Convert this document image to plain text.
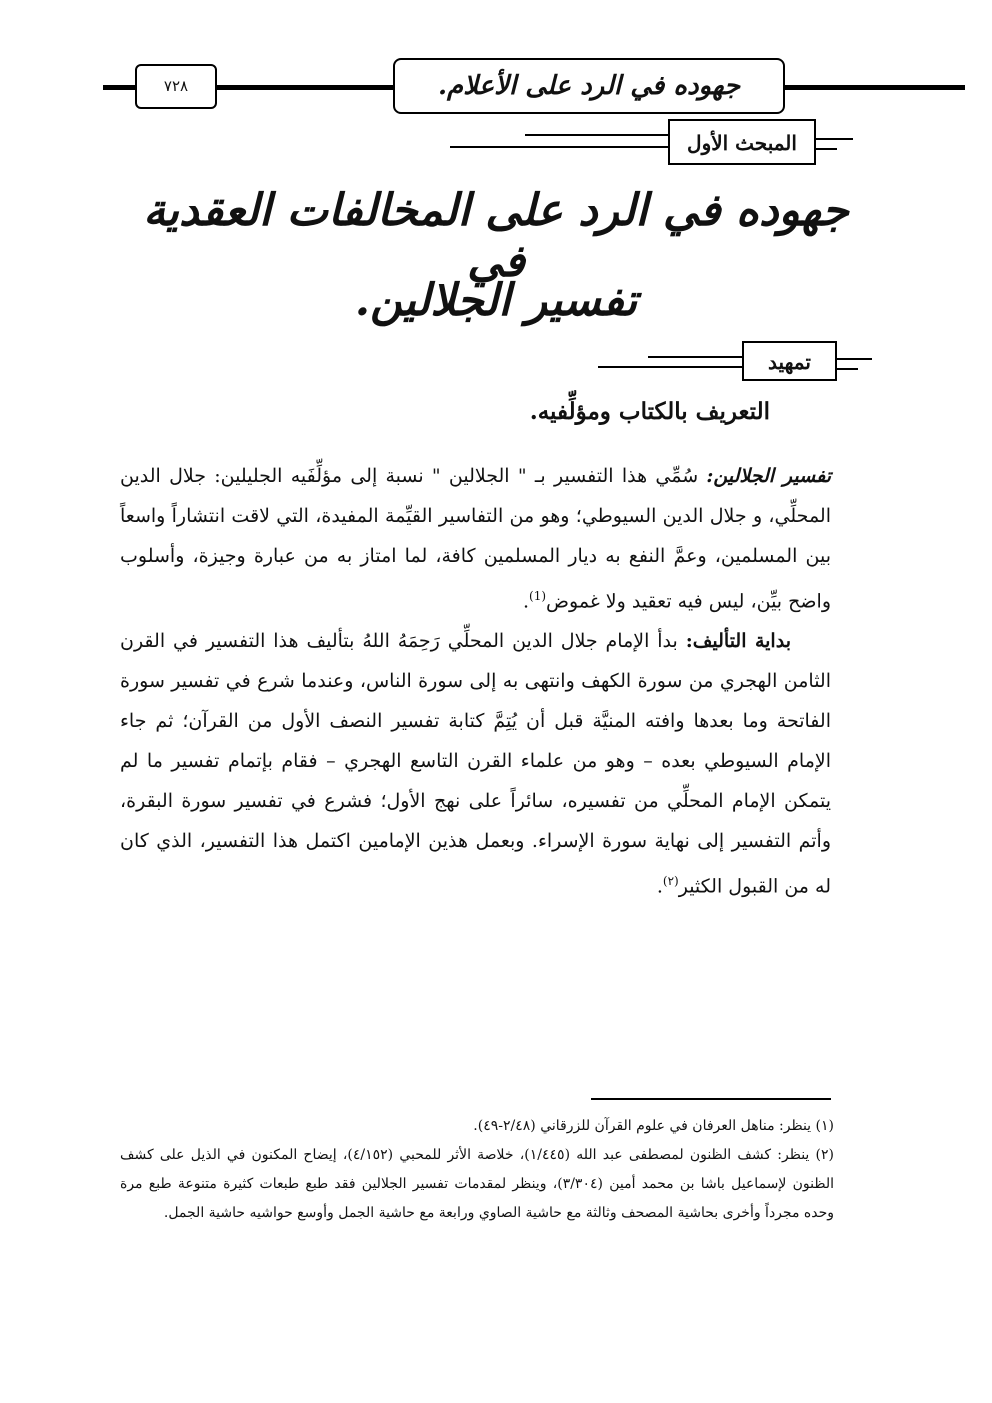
٧٢٨	جهوده في الرد على الأعلام.
المبحث الأول
جهوده في الرد على المخالفات العقدية في
تفسير الجلالين.
تمهيد
التعريف بالكتاب ومؤلِّفيه.

تفسير الجلالين: سُمِّي هذا التفسير بـ " الجلالين " نسبة إلى مؤلِّفَيه الجليلين: جلال الدين المحلِّي، و جلال الدين السيوطي؛ وهو من التفاسير القيِّمة المفيدة، التي لاقت انتشاراً واسعاً بين المسلمين، وعمَّ النفع به ديار المسلمين كافة، لما امتاز به من عبارة وجيزة، وأسلوب واضح بيِّن، ليس فيه تعقيد ولا غموض$^{(1)}$.

بداية التأليف: بدأ الإمام جلال الدين المحلِّي رَحِمَهُ اللهُ بتأليف هذا التفسير في القرن الثامن الهجري من سورة الكهف وانتهى به إلى سورة الناس، وعندما شرع في تفسير سورة الفاتحة وما بعدها وافته المنيَّة قبل أن يُتِمَّ كتابة تفسير النصف الأول من القرآن؛ ثم جاء الإمام السيوطي بعده – وهو من علماء القرن التاسع الهجري – فقام بإتمام تفسير ما لم يتمكن الإمام المحلِّي من تفسيره، سائراً على نهج الأول؛ فشرع في تفسير سورة البقرة، وأتم التفسير إلى نهاية سورة الإسراء. وبعمل هذين الإمامين اكتمل هذا التفسير، الذي كان له من القبول الكثير$^{(٢)}$.

(١) ينظر: مناهل العرفان في علوم القرآن للزرقاني (٢/٤٨-٤٩).

(٢) ينظر: كشف الظنون لمصطفى عبد الله (١/٤٤٥)، خلاصة الأثر للمحبي (٤/١٥٢)، إيضاح المكنون في الذيل على كشف الظنون لإسماعيل باشا بن محمد أمين (٣/٣٠٤)، وينظر لمقدمات تفسير الجلالين فقد طبع طبعات كثيرة متنوعة طبع مرة وحده مجرداً وأخرى بحاشية المصحف وثالثة مع حاشية الصاوي ورابعة مع حاشية الجمل وأوسع حواشيه حاشية الجمل.
